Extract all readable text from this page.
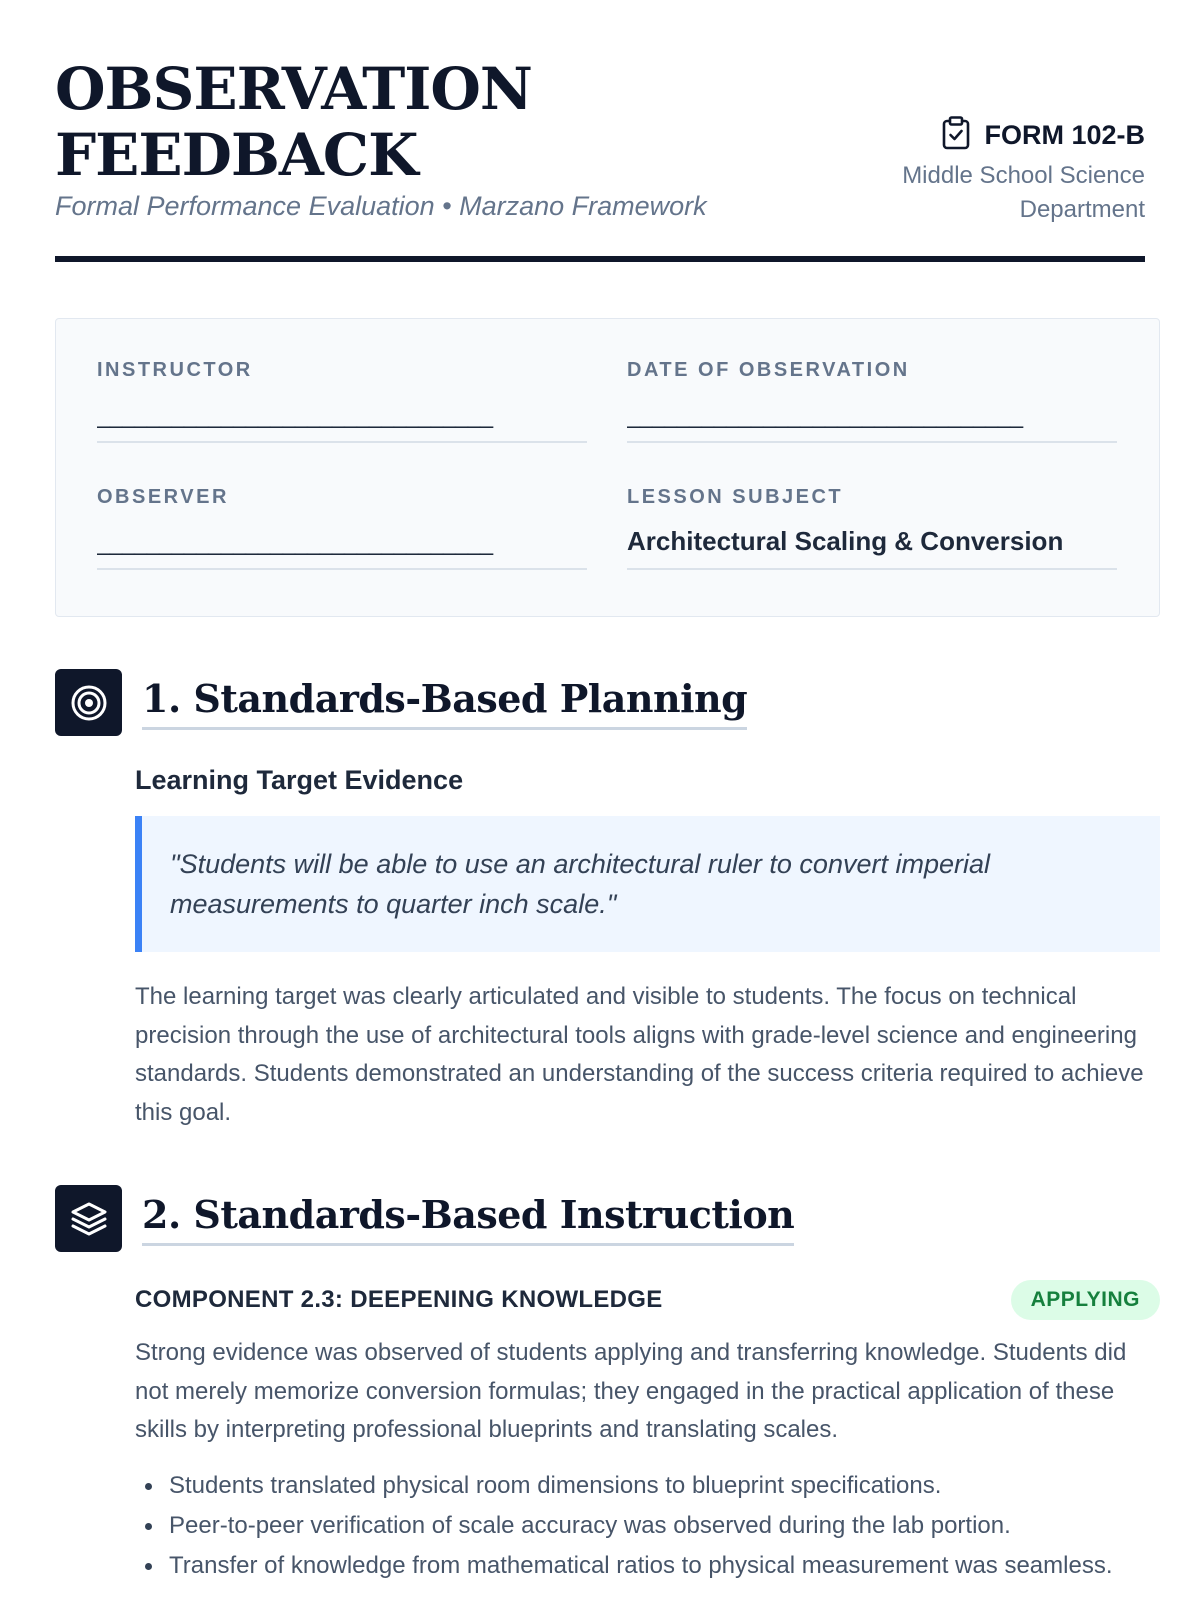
OBSERVATION
FEEDBACK
Formal Performance Evaluation • Marzano Framework
FORM 102-B
Middle School Science
Department
INSTRUCTOR
________________________________
DATE OF OBSERVATION
________________________________
OBSERVER
________________________________
LESSON SUBJECT
Architectural Scaling & Conversion
1. Standards-Based Planning
Learning Target Evidence
"Students will be able to use an architectural ruler to convert imperial measurements to quarter inch scale."
The learning target was clearly articulated and visible to students. The focus on technical precision through the use of architectural tools aligns with grade-level science and engineering standards. Students demonstrated an understanding of the success criteria required to achieve this goal.
2. Standards-Based Instruction
COMPONENT 2.3: DEEPENING KNOWLEDGE	APPLYING
Strong evidence was observed of students applying and transferring knowledge. Students did not merely memorize conversion formulas; they engaged in the practical application of these skills by interpreting professional blueprints and translating scales.
Students translated physical room dimensions to blueprint specifications.
Peer-to-peer verification of scale accuracy was observed during the lab portion.
Transfer of knowledge from mathematical ratios to physical measurement was seamless.
